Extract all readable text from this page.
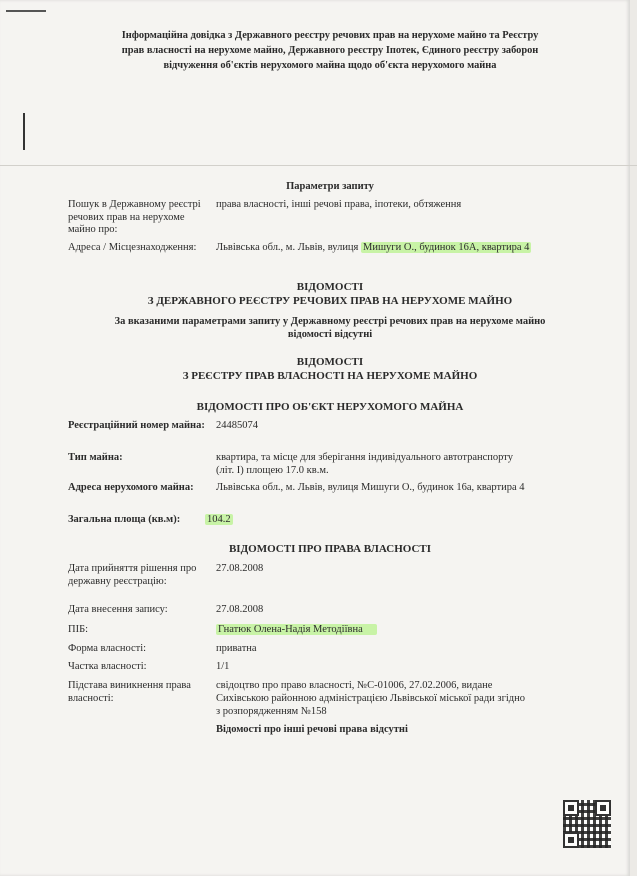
Інформаційна довідка з Державного реєстру речових прав на нерухоме майно та Реєстру
прав власності на нерухоме майно, Державного реєстру Іпотек, Єдиного реєстру заборон
відчуження об'єктів нерухомого майна щодо об'єкта нерухомого майна
Параметри запиту
Пошук в Державному реєстрі речових прав на нерухоме майно про:
права власності, інші речові права, іпотеки, обтяження
Адреса / Місцезнаходження:	Львівська обл., м. Львів, вулиця Мишуги О., будинок 16А, квартира 4
ВІДОМОСТІ
З ДЕРЖАВНОГО РЕЄСТРУ РЕЧОВИХ ПРАВ НА НЕРУХОМЕ МАЙНО
За вказаними параметрами запиту у Державному реєстрі речових прав на нерухоме майно
відомості відсутні
ВІДОМОСТІ
З РЕЄСТРУ ПРАВ ВЛАСНОСТІ НА НЕРУХОМЕ МАЙНО
ВІДОМОСТІ ПРО ОБ'ЄКТ НЕРУХОМОГО МАЙНА
Реєстраційний номер майна: 24485074
Тип майна:	квартира, та місце для зберігання індивідуального автотранспорту
(літ. І) площею 17.0 кв.м.
Адреса нерухомого майна:	Львівська обл., м. Львів, вулиця Мишуги О., будинок 16а, квартира 4
Загальна площа (кв.м):	104.2
ВІДОМОСТІ ПРО ПРАВА ВЛАСНОСТІ
Дата прийняття рішення про державну реєстрацію:
27.08.2008
Дата внесення запису:	27.08.2008
ПІБ:	Гнатюк Олена-Надія Методіївна
Форма власності:	приватна
Частка власності:	1/1
Підстава виникнення права власності:
свідоцтво про право власності, №С-01006, 27.02.2006, видане
Сихівською районною адміністрацією Львівської міської ради згідно
з розпорядженням №158
Відомості про інші речові права відсутні
